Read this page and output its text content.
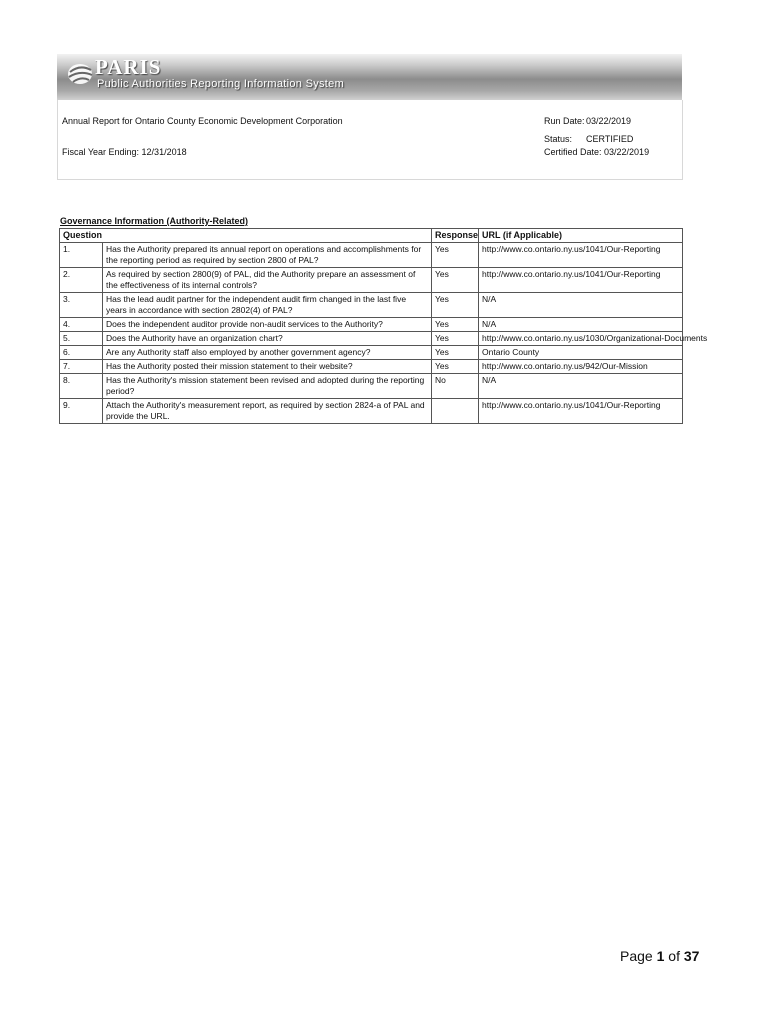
PARIS
Public Authorities Reporting Information System
Annual Report for Ontario County Economic Development Corporation
Fiscal Year Ending: 12/31/2018
Run Date: 03/22/2019
Status: CERTIFIED
Certified Date: 03/22/2019
Governance Information (Authority-Related)
Question		Response	URL (if Applicable)
1.	Has the Authority prepared its annual report on operations and accomplishments for the reporting period as required by section 2800 of PAL?	Yes	http://www.co.ontario.ny.us/1041/Our-Reporting
2.	As required by section 2800(9) of PAL, did the Authority prepare an assessment of the effectiveness of its internal controls?	Yes	http://www.co.ontario.ny.us/1041/Our-Reporting
3.	Has the lead audit partner for the independent audit firm changed in the last five years in accordance with section 2802(4) of PAL?	Yes	N/A
4.	Does the independent auditor provide non-audit services to the Authority?	Yes	N/A
5.	Does the Authority have an organization chart?	Yes	http://www.co.ontario.ny.us/1030/Organizational-Documents
6.	Are any Authority staff also employed by another government agency?	Yes	Ontario County
7.	Has the Authority posted their mission statement to their website?	Yes	http://www.co.ontario.ny.us/942/Our-Mission
8.	Has the Authority's mission statement been revised and adopted during the reporting period?	No	N/A
9.	Attach the Authority's measurement report, as required by section 2824-a of PAL and provide the URL.		http://www.co.ontario.ny.us/1041/Our-Reporting
Page 1 of 37
